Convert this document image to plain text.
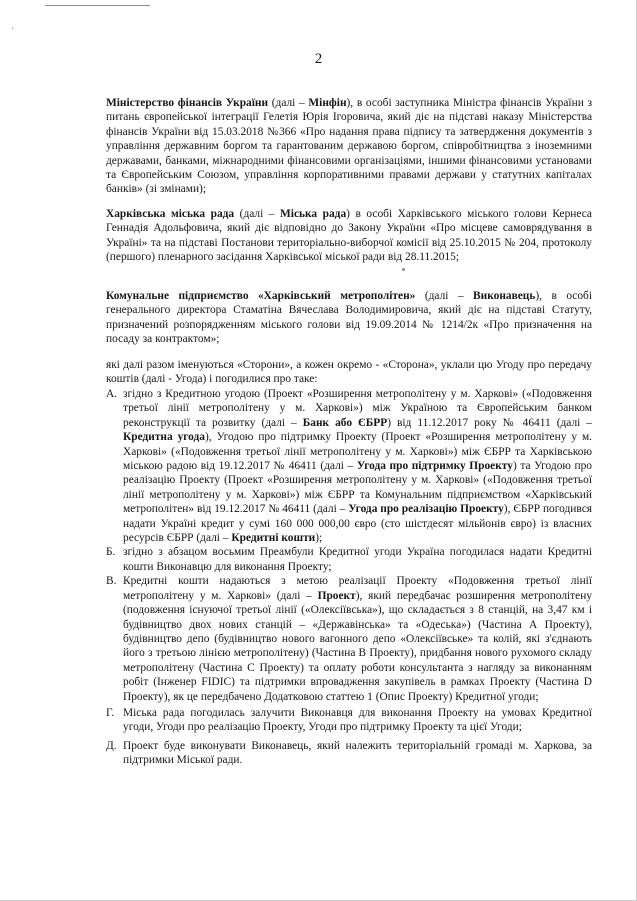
'
2

Міністерство фінансів України (далі – Мінфін), в особі заступника Міністра фінансів України з питань європейської інтеграції Гелетія Юрія Ігоровича, який діє на підставі наказу Міністерства фінансів України від 15.03.2018 №366 «Про надання права підпису та затвердження документів з управління державним боргом та гарантованим державою боргом, співробітництва з іноземними державами, банками, міжнародними фінансовими організаціями, іншими фінансовими установами та Європейським Союзом, управління корпоративними правами держави у статутних капіталах банків» (зі змінами);

Харківська міська рада (далі – Міська рада) в особі Харківського міського голови Кернеса Геннадія Адольфовича, який діє відповідно до Закону України «Про місцеве самоврядування в Україні» та на підставі Постанови територіально-виборчої комісії від 25.10.2015 № 204, протоколу (першого) пленарного засідання Харківської міської ради від 28.11.2015;

Комунальне підприємство «Харківський метрополітен» (далі – Виконавець), в особі генерального директора Стаматіна Вячеслава Володимировича, який діє на підставі Статуту, призначений розпорядженням міського голови від 19.09.2014 № 1214/2к «Про призначення на посаду за контрактом»;

які далі разом іменуються «Сторони», а кожен окремо - «Сторона», уклали цю Угоду про передачу коштів (далі - Угода) і погодилися про таке:

А. згідно з Кредитною угодою (Проект «Розширення метрополітену у м. Харкові» («Подовження третьої лінії метрополітену у м. Харкові») між Україною та Європейським банком реконструкції та розвитку (далі – Банк або ЄБРР) від 11.12.2017 року № 46411 (далі – Кредитна угода), Угодою про підтримку Проекту (Проект «Розширення метрополітену у м. Харкові» («Подовження третьої лінії метрополітену у м. Харкові») між ЄБРР та Харківською міською радою від 19.12.2017 № 46411 (далі – Угода про підтримку Проекту) та Угодою про реалізацію Проекту (Проект «Розширення метрополітену у м. Харкові» («Подовження третьої лінії метрополітену у м. Харкові») між ЄБРР та Комунальним підприємством «Харківський метрополітен» від 19.12.2017 № 46411 (далі – Угода про реалізацію Проекту), ЄБРР погодився надати Україні кредит у сумі 160 000 000,00 євро (сто шістдесят мільйонів євро) із власних ресурсів ЄБРР (далі – Кредитні кошти);
Б. згідно з абзацом восьмим Преамбули Кредитної угоди Україна погодилася надати Кредитні кошти Виконавцю для виконання Проекту;
В. Кредитні кошти надаються з метою реалізації Проекту «Подовження третьої лінії метрополітену у м. Харкові» (далі – Проект), який передбачає розширення метрополітену (подовження існуючої третьої лінії («Олексіївська»), що складається з 8 станцій, на 3,47 км і будівництво двох нових станцій – «Державінська» та «Одеська») (Частина А Проекту), будівництво депо (будівництво нового вагонного депо «Олексіївське» та колій, які з'єднають його з третьою лінією метрополітену) (Частина В Проекту), придбання нового рухомого складу метрополітену (Частина С Проекту) та оплату роботи консультанта з нагляду за виконанням робіт (Інженер FIDIC) та підтримки впровадження закупівель в рамках Проекту (Частина D Проекту), як це передбачено Додатковою статтею 1 (Опис Проекту) Кредитної угоди;
Г. Міська рада погодилась залучити Виконавця для виконання Проекту на умовах Кредитної угоди, Угоди про реалізацію Проекту, Угоди про підтримку Проекту та цієї Угоди;
Д. Проект буде виконувати Виконавець, який належить територіальній громаді м. Харкова, за підтримки Міської ради.
